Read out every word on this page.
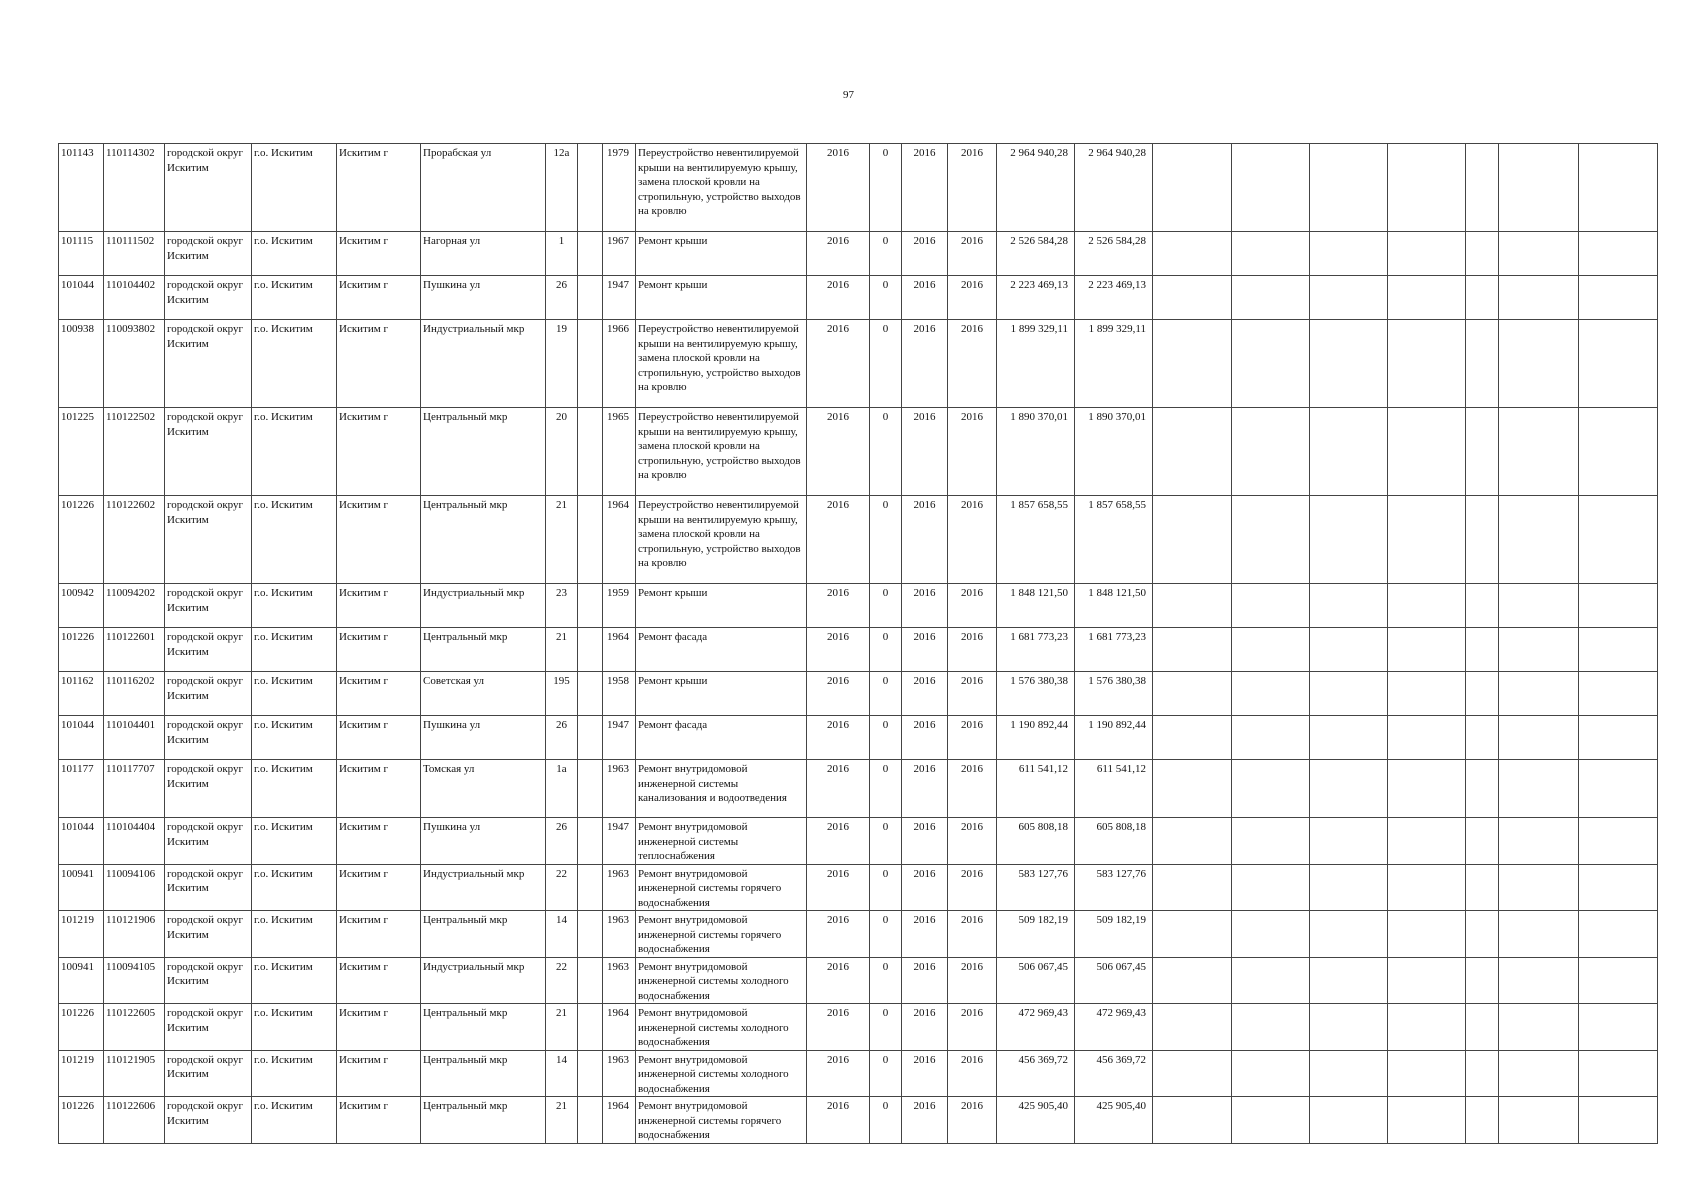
97
101143	110114302	городской округ Искитим	г.о. Искитим	Искитим г	Прорабская ул	12а		1979	Переустройство невентилируемой крыши на вентилируемую крышу, замена плоской кровли на стропильную, устройство выходов на кровлю	2016	0	2016	2016	2 964 940,28	2 964 940,28							
101115	110111502	городской округ Искитим	г.о. Искитим	Искитим г	Нагорная ул	1		1967	Ремонт крыши	2016	0	2016	2016	2 526 584,28	2 526 584,28							
101044	110104402	городской округ Искитим	г.о. Искитим	Искитим г	Пушкина ул	26		1947	Ремонт крыши	2016	0	2016	2016	2 223 469,13	2 223 469,13							
100938	110093802	городской округ Искитим	г.о. Искитим	Искитим г	Индустриальный мкр	19		1966	Переустройство невентилируемой крыши на вентилируемую крышу, замена плоской кровли на стропильную, устройство выходов на кровлю	2016	0	2016	2016	1 899 329,11	1 899 329,11							
101225	110122502	городской округ Искитим	г.о. Искитим	Искитим г	Центральный мкр	20		1965	Переустройство невентилируемой крыши на вентилируемую крышу, замена плоской кровли на стропильную, устройство выходов на кровлю	2016	0	2016	2016	1 890 370,01	1 890 370,01							
101226	110122602	городской округ Искитим	г.о. Искитим	Искитим г	Центральный мкр	21		1964	Переустройство невентилируемой крыши на вентилируемую крышу, замена плоской кровли на стропильную, устройство выходов на кровлю	2016	0	2016	2016	1 857 658,55	1 857 658,55							
100942	110094202	городской округ Искитим	г.о. Искитим	Искитим г	Индустриальный мкр	23		1959	Ремонт крыши	2016	0	2016	2016	1 848 121,50	1 848 121,50							
101226	110122601	городской округ Искитим	г.о. Искитим	Искитим г	Центральный мкр	21		1964	Ремонт фасада	2016	0	2016	2016	1 681 773,23	1 681 773,23							
101162	110116202	городской округ Искитим	г.о. Искитим	Искитим г	Советская ул	195		1958	Ремонт крыши	2016	0	2016	2016	1 576 380,38	1 576 380,38							
101044	110104401	городской округ Искитим	г.о. Искитим	Искитим г	Пушкина ул	26		1947	Ремонт фасада	2016	0	2016	2016	1 190 892,44	1 190 892,44							
101177	110117707	городской округ Искитим	г.о. Искитим	Искитим г	Томская ул	1а		1963	Ремонт внутридомовой инженерной системы канализования и водоотведения	2016	0	2016	2016	611 541,12	611 541,12							
101044	110104404	городской округ Искитим	г.о. Искитим	Искитим г	Пушкина ул	26		1947	Ремонт внутридомовой инженерной системы теплоснабжения	2016	0	2016	2016	605 808,18	605 808,18							
100941	110094106	городской округ Искитим	г.о. Искитим	Искитим г	Индустриальный мкр	22		1963	Ремонт внутридомовой инженерной системы горячего водоснабжения	2016	0	2016	2016	583 127,76	583 127,76							
101219	110121906	городской округ Искитим	г.о. Искитим	Искитим г	Центральный мкр	14		1963	Ремонт внутридомовой инженерной системы горячего водоснабжения	2016	0	2016	2016	509 182,19	509 182,19							
100941	110094105	городской округ Искитим	г.о. Искитим	Искитим г	Индустриальный мкр	22		1963	Ремонт внутридомовой инженерной системы холодного водоснабжения	2016	0	2016	2016	506 067,45	506 067,45							
101226	110122605	городской округ Искитим	г.о. Искитим	Искитим г	Центральный мкр	21		1964	Ремонт внутридомовой инженерной системы холодного водоснабжения	2016	0	2016	2016	472 969,43	472 969,43							
101219	110121905	городской округ Искитим	г.о. Искитим	Искитим г	Центральный мкр	14		1963	Ремонт внутридомовой инженерной системы холодного водоснабжения	2016	0	2016	2016	456 369,72	456 369,72							
101226	110122606	городской округ Искитим	г.о. Искитим	Искитим г	Центральный мкр	21		1964	Ремонт внутридомовой инженерной системы горячего водоснабжения	2016	0	2016	2016	425 905,40	425 905,40							
